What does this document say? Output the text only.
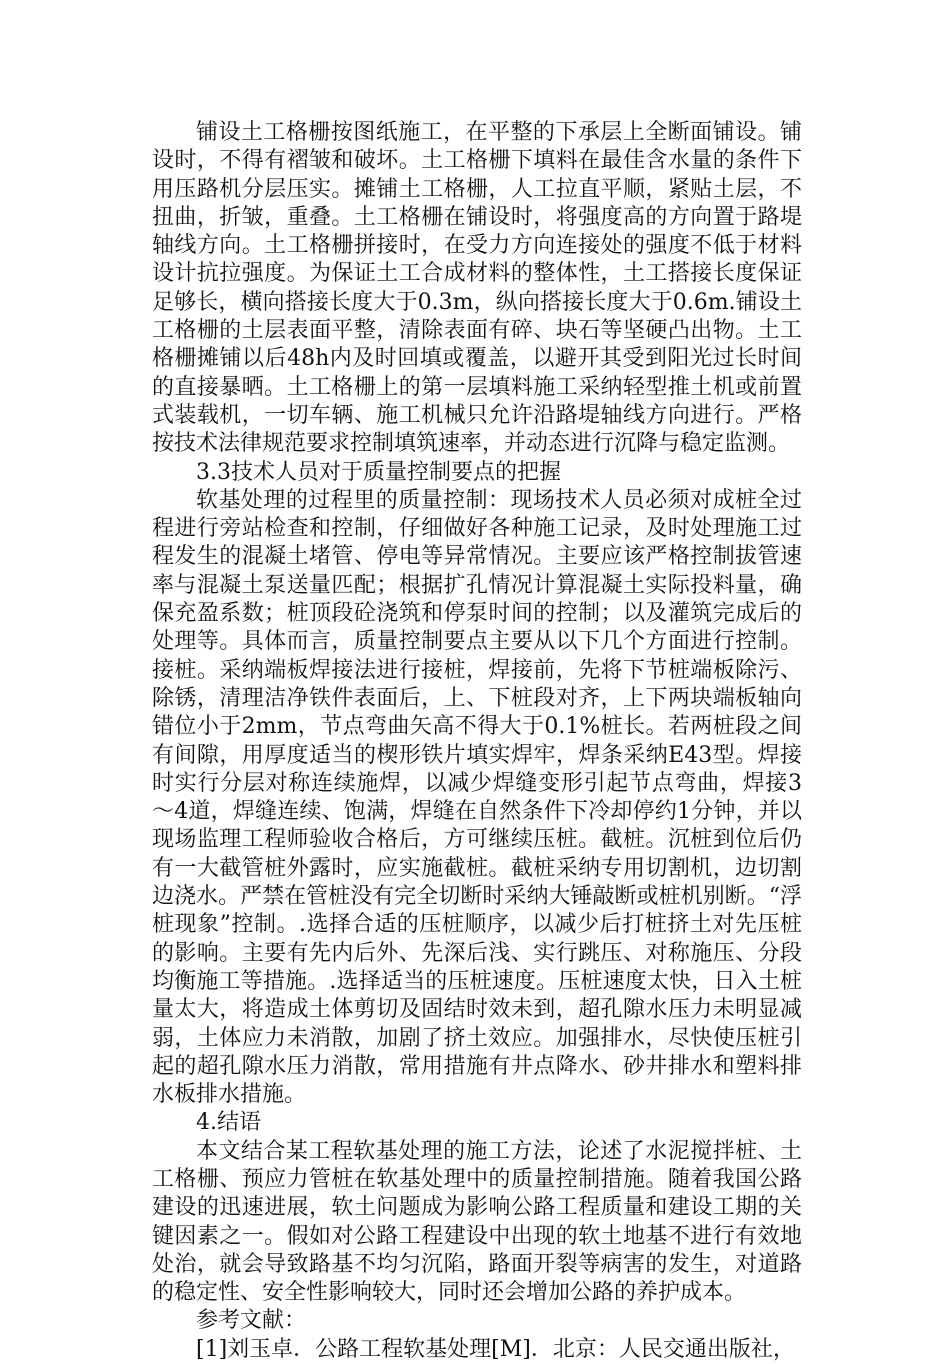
铺设土工格栅按图纸施工，在平整的下承层上全断面铺设。铺设时，不得有褶皱和破坏。土工格栅下填料在最佳含水量的条件下用压路机分层压实。摊铺土工格栅，人工拉直平顺，紧贴土层，不扭曲，折皱，重叠。土工格栅在铺设时，将强度高的方向置于路堤轴线方向。土工格栅拼接时，在受力方向连接处的强度不低于材料设计抗拉强度。为保证土工合成材料的整体性，土工搭接长度保证足够长，横向搭接长度大于0.3m，纵向搭接长度大于0.6m.铺设土工格栅的土层表面平整，清除表面有碎、块石等坚硬凸出物。土工格栅摊铺以后48h内及时回填或覆盖，以避开其受到阳光过长时间的直接暴晒。土工格栅上的第一层填料施工采纳轻型推土机或前置式装载机，一切车辆、施工机械只允许沿路堤轴线方向进行。严格按技术法律规范要求控制填筑速率，并动态进行沉降与稳定监测。

3.3技术人员对于质量控制要点的把握

软基处理的过程里的质量控制：现场技术人员必须对成桩全过程进行旁站检查和控制，仔细做好各种施工记录，及时处理施工过程发生的混凝土堵管、停电等异常情况。主要应该严格控制拔管速率与混凝土泵送量匹配；根据扩孔情况计算混凝土实际投料量，确保充盈系数；桩顶段砼浇筑和停泵时间的控制；以及灌筑完成后的处理等。具体而言，质量控制要点主要从以下几个方面进行控制。接桩。采纳端板焊接法进行接桩，焊接前，先将下节桩端板除污、除锈，清理洁净铁件表面后，上、下桩段对齐，上下两块端板轴向错位小于2mm，节点弯曲矢高不得大于0.1%桩长。若两桩段之间有间隙，用厚度适当的楔形铁片填实焊牢，焊条采纳E43型。焊接时实行分层对称连续施焊，以减少焊缝变形引起节点弯曲，焊接3～4道，焊缝连续、饱满，焊缝在自然条件下冷却停约1分钟，并以现场监理工程师验收合格后，方可继续压桩。截桩。沉桩到位后仍有一大截管桩外露时，应实施截桩。截桩采纳专用切割机，边切割边浇水。严禁在管桩没有完全切断时采纳大锤敲断或桩机别断。“浮桩现象”控制。.选择合适的压桩顺序，以减少后打桩挤土对先压桩的影响。主要有先内后外、先深后浅、实行跳压、对称施压、分段均衡施工等措施。.选择适当的压桩速度。压桩速度太快，日入土桩量太大，将造成土体剪切及固结时效未到，超孔隙水压力未明显减弱，土体应力未消散，加剧了挤土效应。加强排水，尽快使压桩引起的超孔隙水压力消散，常用措施有井点降水、砂井排水和塑料排水板排水措施。

4.结语

本文结合某工程软基处理的施工方法，论述了水泥搅拌桩、土工格栅、预应力管桩在软基处理中的质量控制措施。随着我国公路建设的迅速进展，软土问题成为影响公路工程质量和建设工期的关键因素之一。假如对公路工程建设中出现的软土地基不进行有效地处治，就会导致路基不均匀沉陷，路面开裂等病害的发生，对道路的稳定性、安全性影响较大，同时还会增加公路的养护成本。

参考文献：

[1]刘玉卓．公路工程软基处理[M]．北京：人民交通出版社，
